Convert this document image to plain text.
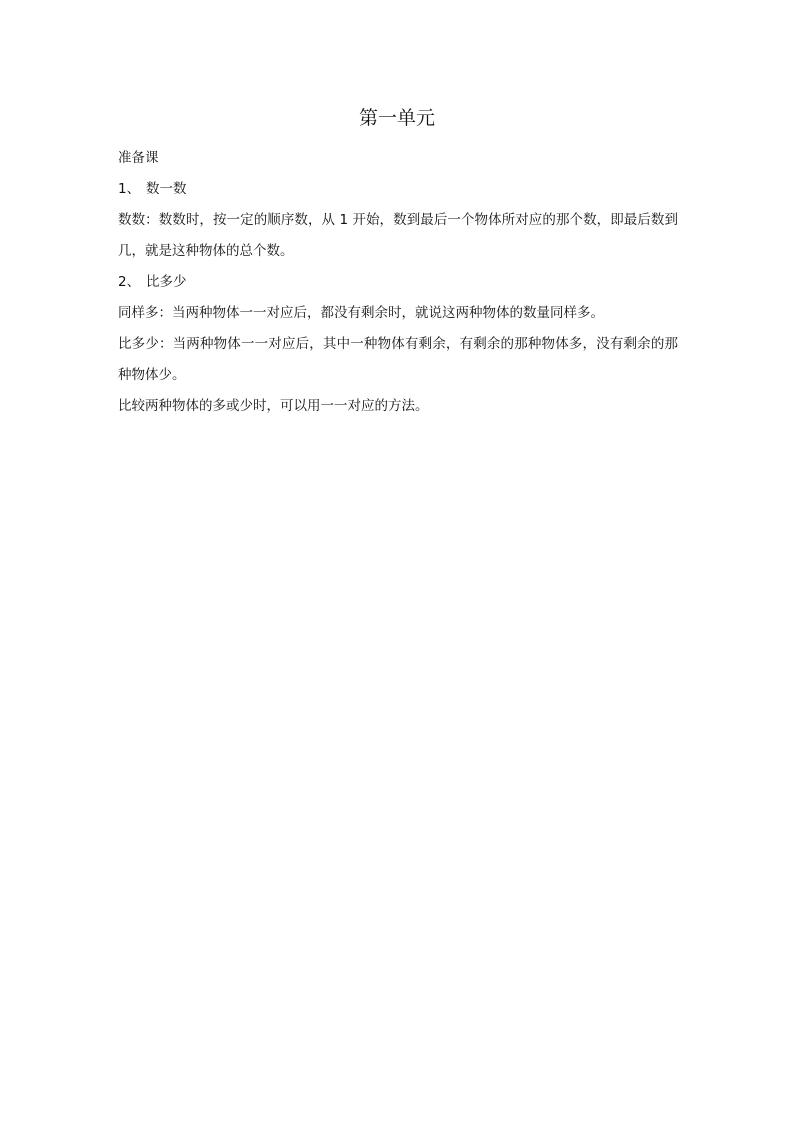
第一单元

准备课

1、 数一数

数数：数数时，按一定的顺序数，从 1 开始，数到最后一个物体所对应的那个数，即最后数到几，就是这种物体的总个数。

2、 比多少

同样多：当两种物体一一对应后，都没有剩余时，就说这两种物体的数量同样多。

比多少：当两种物体一一对应后，其中一种物体有剩余，有剩余的那种物体多，没有剩余的那种物体少。

比较两种物体的多或少时，可以用一一对应的方法。
